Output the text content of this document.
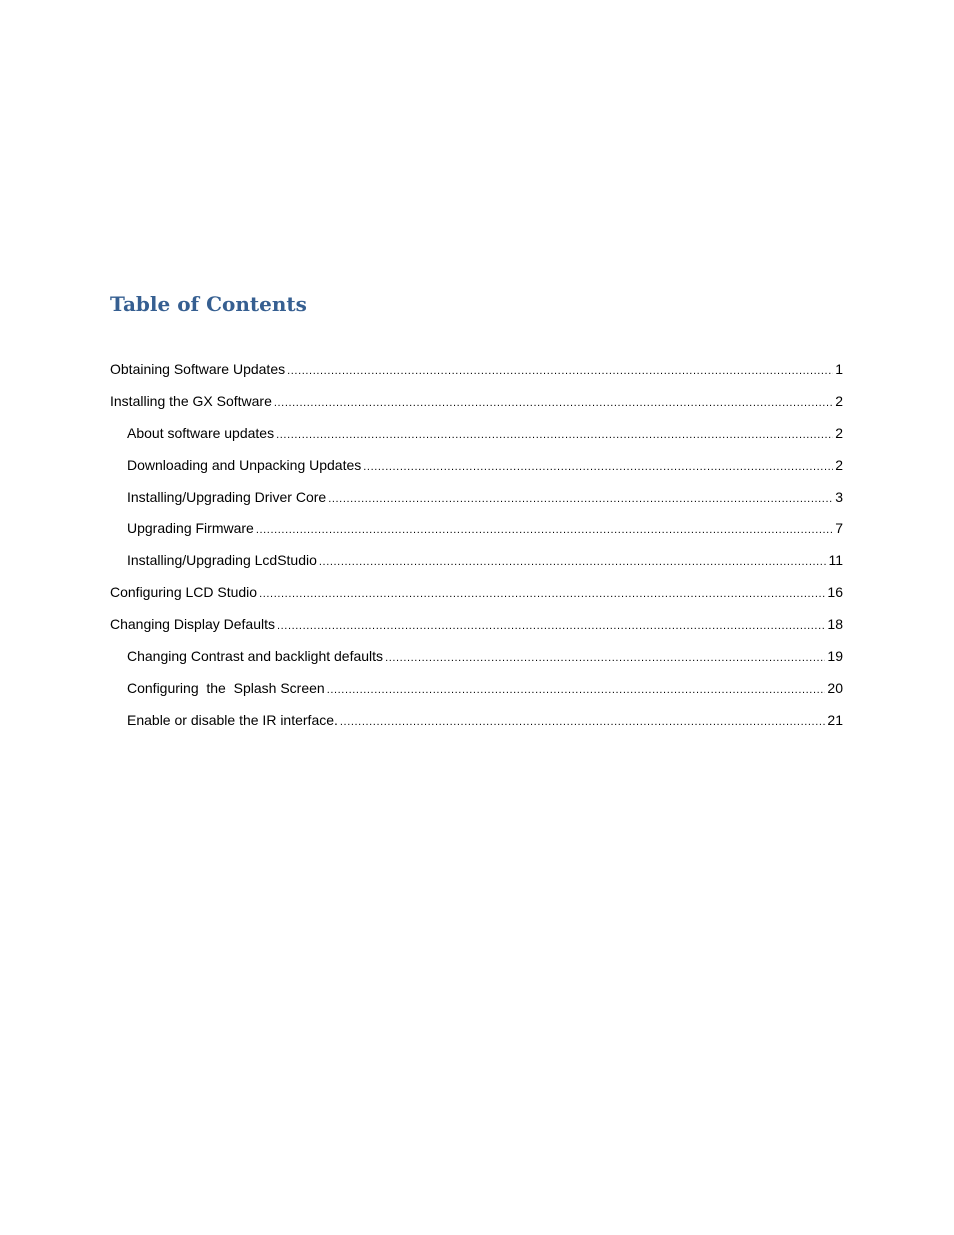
Table of Contents
Obtaining Software Updates .....	1
Installing the GX Software .....	2
About software updates .....	2
Downloading and Unpacking Updates .....	2
Installing/Upgrading Driver Core .....	3
Upgrading Firmware .....	7
Installing/Upgrading LcdStudio .....	11
Configuring LCD Studio .....	16
Changing Display Defaults .....	18
Changing Contrast and backlight defaults .....	19
Configuring  the  Splash Screen .....	20
Enable or disable the IR interface. .....	21
